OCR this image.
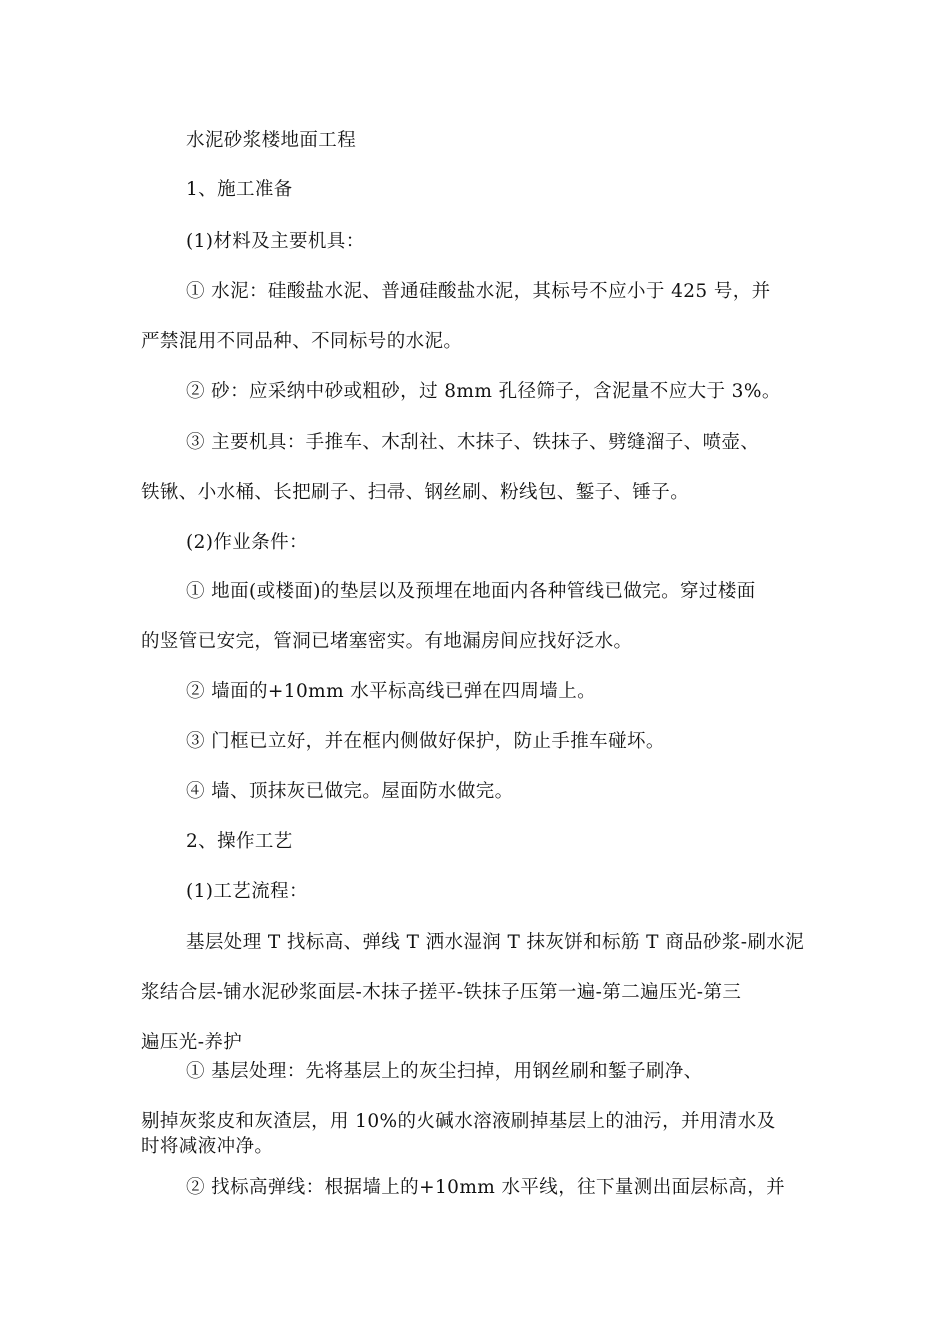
水泥砂浆楼地面工程
1、施工准备
(1)材料及主要机具：
① 水泥：硅酸盐水泥、普通硅酸盐水泥，其标号不应小于 425 号，并
严禁混用不同品种、不同标号的水泥。
② 砂：应采纳中砂或粗砂，过 8mm 孔径筛子，含泥量不应大于 3%。
③ 主要机具：手推车、木刮社、木抹子、铁抹子、劈缝溜子、喷壶、
铁锹、小水桶、长把刷子、扫帚、钢丝刷、粉线包、錾子、锤子。
(2)作业条件：
① 地面(或楼面)的垫层以及预埋在地面内各种管线已做完。穿过楼面
的竖管已安完，管洞已堵塞密实。有地漏房间应找好泛水。
② 墙面的+10mm 水平标高线已弹在四周墙上。
③ 门框已立好，并在框内侧做好保护，防止手推车碰坏。
④ 墙、顶抹灰已做完。屋面防水做完。
2、操作工艺
(1)工艺流程：
基层处理 T 找标高、弹线 T 洒水湿润 T 抹灰饼和标筋 T 商品砂浆-刷水泥
浆结合层-铺水泥砂浆面层-木抹子搓平-铁抹子压第一遍-第二遍压光-第三
遍压光-养护
① 基层处理：先将基层上的灰尘扫掉，用钢丝刷和錾子刷净、
剔掉灰浆皮和灰渣层，用 10%的火碱水溶液刷掉基层上的油污，并用清水及
时将减液冲净。
② 找标高弹线：根据墙上的+10mm 水平线，往下量测出面层标高，并
